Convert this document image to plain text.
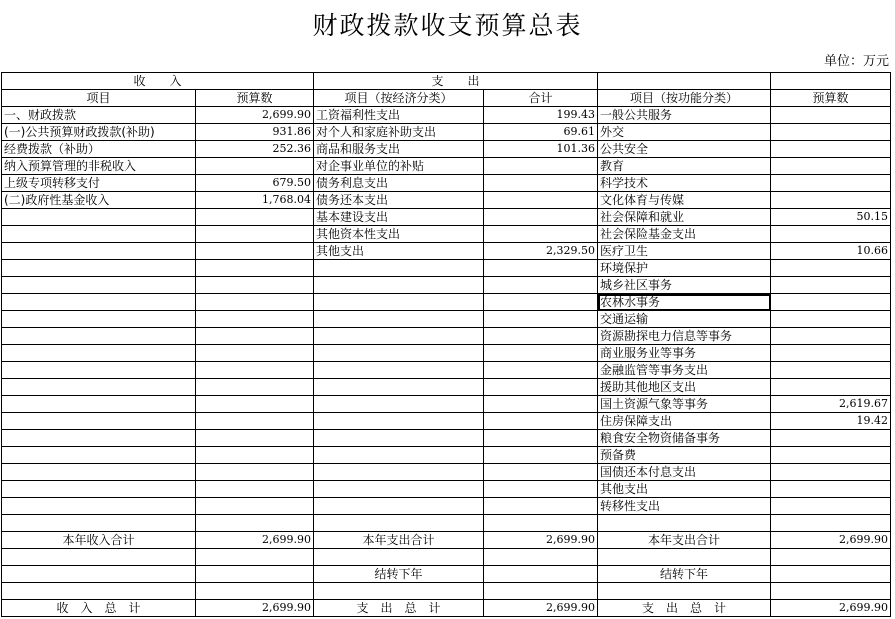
财政拨款收支预算总表
单位：万元
收　　入		支　　出			
项目	预算数	项目（按经济分类）	合计	项目（按功能分类）	预算数
一、财政拨款	2,699.90	工资福利性支出	199.43	一般公共服务	
(一)公共预算财政拨款(补助)	931.86	对个人和家庭补助支出	69.61	外交	
经费拨款（补助）	252.36	商品和服务支出	101.36	公共安全	
纳入预算管理的非税收入		对企事业单位的补贴		教育	
上级专项转移支付	679.50	债务利息支出		科学技术	
(二)政府性基金收入	1,768.04	债务还本支出		文化体育与传媒	
		基本建设支出		社会保障和就业	50.15
		其他资本性支出		社会保险基金支出	
		其他支出	2,329.50	医疗卫生	10.66
				环境保护	
				城乡社区事务	
				农林水事务	
				交通运输	
				资源勘探电力信息等事务	
				商业服务业等事务	
				金融监管等事务支出	
				援助其他地区支出	
				国土资源气象等事务	2,619.67
				住房保障支出	19.42
				粮食安全物资储备事务	
				预备费	
				国债还本付息支出	
				其他支出	
				转移性支出	

本年收入合计	2,699.90	本年支出合计	2,699.90	本年支出合计	2,699.90

		结转下年		结转下年	

收　入　总　计	2,699.90	支　出　总　计	2,699.90	支　出　总　计	2,699.90
